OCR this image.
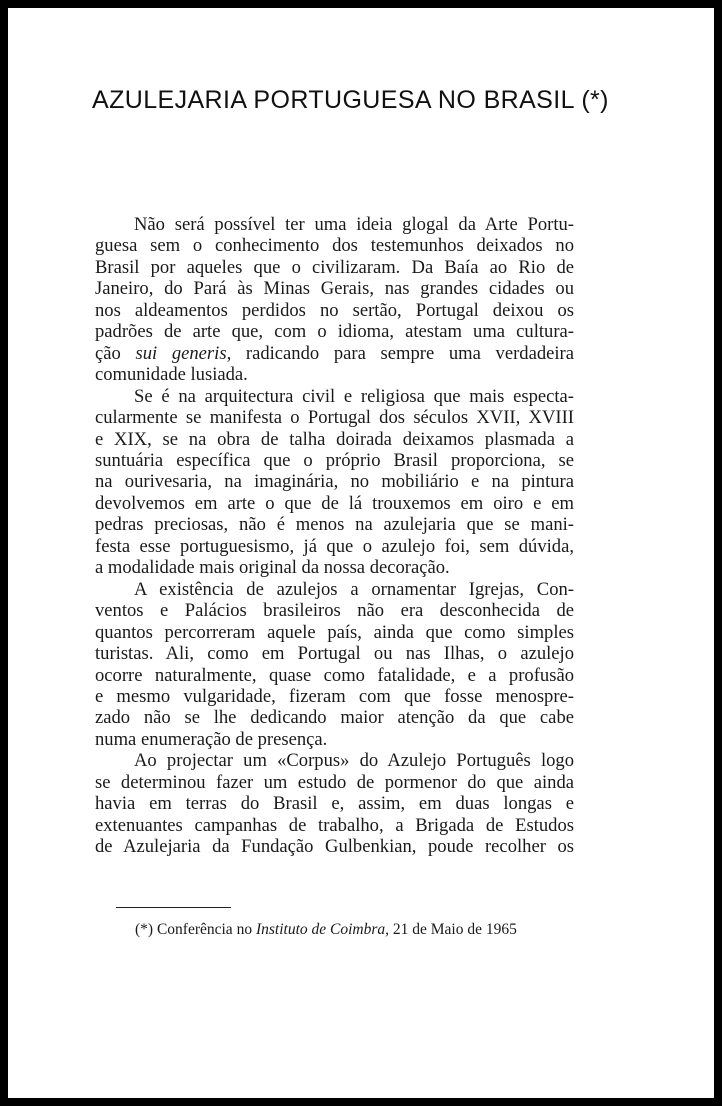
AZULEJARIA PORTUGUESA NO BRASIL (*)

Não será possível ter uma ideia glogal da Arte Portu-
guesa sem o conhecimento dos testemunhos deixados no
Brasil por aqueles que o civilizaram. Da Baía ao Rio de
Janeiro, do Pará às Minas Gerais, nas grandes cidades ou
nos aldeamentos perdidos no sertão, Portugal deixou os
padrões de arte que, com o idioma, atestam uma cultura-
ção sui generis, radicando para sempre uma verdadeira
comunidade lusiada.

Se é na arquitectura civil e religiosa que mais especta-
cularmente se manifesta o Portugal dos séculos XVII, XVIII
e XIX, se na obra de talha doirada deixamos plasmada a
suntuária específica que o próprio Brasil proporciona, se
na ourivesaria, na imaginária, no mobiliário e na pintura
devolvemos em arte o que de lá trouxemos em oiro e em
pedras preciosas, não é menos na azulejaria que se mani-
festa esse portuguesismo, já que o azulejo foi, sem dúvida,
a modalidade mais original da nossa decoração.

A existência de azulejos a ornamentar Igrejas, Con-
ventos e Palácios brasileiros não era desconhecida de
quantos percorreram aquele país, ainda que como simples
turistas. Ali, como em Portugal ou nas Ilhas, o azulejo
ocorre naturalmente, quase como fatalidade, e a profusão
e mesmo vulgaridade, fizeram com que fosse menospre-
zado não se lhe dedicando maior atenção da que cabe
numa enumeração de presença.

Ao projectar um «Corpus» do Azulejo Português logo
se determinou fazer um estudo de pormenor do que ainda
havia em terras do Brasil e, assim, em duas longas e
extenuantes campanhas de trabalho, a Brigada de Estudos
de Azulejaria da Fundação Gulbenkian, poude recolher os

(*) Conferência no Instituto de Coimbra, 21 de Maio de 1965
